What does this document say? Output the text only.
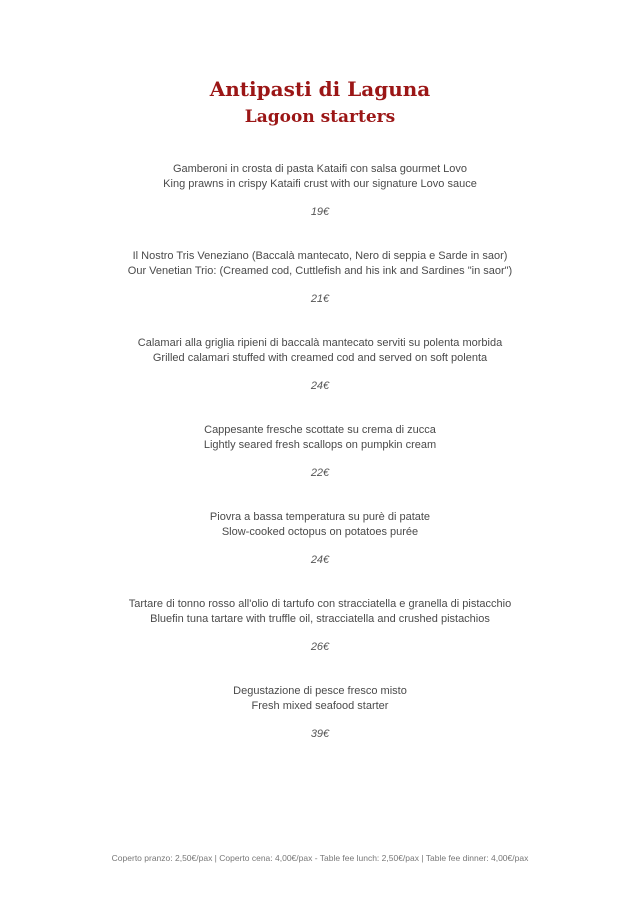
Antipasti di Laguna
Lagoon starters
Gamberoni in crosta di pasta Kataifi con salsa gourmet Lovo
King prawns in crispy Kataifi crust with our signature Lovo sauce
19€
Il Nostro Tris Veneziano (Baccalà mantecato, Nero di seppia e Sarde in saor)
Our Venetian Trio: (Creamed cod, Cuttlefish and his ink and Sardines "in saor")
21€
Calamari alla griglia ripieni di baccalà mantecato serviti su polenta morbida
Grilled calamari stuffed with creamed cod and served on soft polenta
24€
Cappesante fresche scottate su crema di zucca
Lightly seared fresh scallops on pumpkin cream
22€
Piovra a bassa temperatura su purè di patate
Slow-cooked octopus on potatoes purée
24€
Tartare di tonno rosso all'olio di tartufo con stracciatella e granella di pistacchio
Bluefin tuna tartare with truffle oil, stracciatella and crushed pistachios
26€
Degustazione di pesce fresco misto
Fresh mixed seafood starter
39€
Coperto pranzo: 2,50€/pax | Coperto cena: 4,00€/pax - Table fee lunch: 2,50€/pax | Table fee dinner: 4,00€/pax
